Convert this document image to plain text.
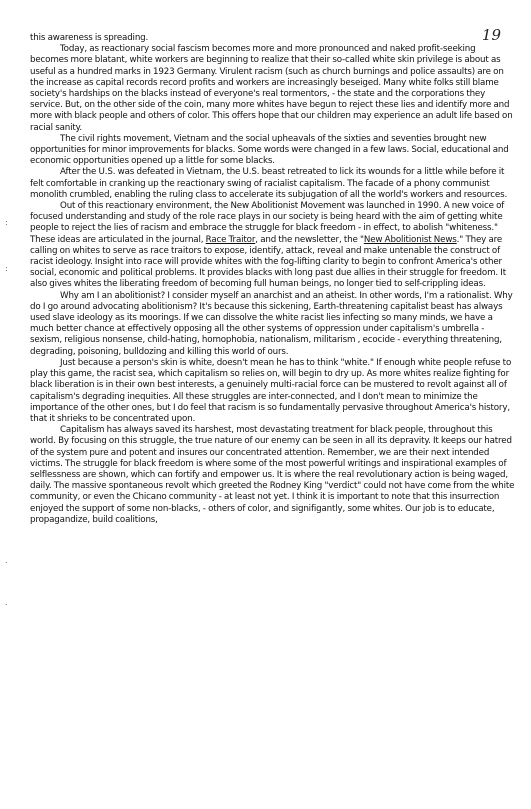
19
:
:
.
.

this awareness is spreading.

Today, as reactionary social fascism becomes more and more pronounced and naked profit-seeking becomes more blatant, white workers are beginning to realize that their so-called white skin privilege is about as useful as a hundred marks in 1923 Germany. Virulent racism (such as church burnings and police assaults) are on the increase as capital records record profits and workers are increasingly beseiged. Many white folks still blame society's hardships on the blacks instead of everyone's real tormentors, - the state and the corporations they service. But, on the other side of the coin, many more whites have begun to reject these lies and identify more and more with black people and others of color. This offers hope that our children may experience an adult life based on racial sanity.

The civil rights movement, Vietnam and the social upheavals of the sixties and seventies brought new opportunities for minor improvements for blacks. Some words were changed in a few laws. Social, educational and economic opportunities opened up a little for some blacks.

After the U.S. was defeated in Vietnam, the U.S. beast retreated to lick its wounds for a little while before it felt comfortable in cranking up the reactionary swing of racialist capitalism. The facade of a phony communist monolith crumbled, enabling the ruling class to accelerate its subjugation of all the world's workers and resources.

Out of this reactionary environment, the New Abolitionist Movement was launched in 1990. A new voice of focused understanding and study of the role race plays in our society is being heard with the aim of getting white people to reject the lies of racism and embrace the struggle for black freedom - in effect, to abolish "whiteness." These ideas are articulated in the journal, Race Traitor, and the newsletter, the "New Abolitionist News." They are calling on whites to serve as race traitors to expose, identify, attack, reveal and make untenable the construct of racist ideology. Insight into race will provide whites with the fog-lifting clarity to begin to confront America's other social, economic and political problems. It provides blacks with long past due allies in their struggle for freedom. It also gives whites the liberating freedom of becoming full human beings, no longer tied to self-crippling ideas.

Why am I an abolitionist? I consider myself an anarchist and an atheist. In other words, I'm a rationalist. Why do I go around advocating abolitionism? It's because this sickening, Earth-threatening capitalist beast has always used slave ideology as its moorings. If we can dissolve the white racist lies infecting so many minds, we have a much better chance at effectively opposing all the other systems of oppression under capitalism's umbrella - sexism, religious nonsense, child-hating, homophobia, nationalism, militarism , ecocide - everything threatening, degrading, poisoning, bulldozing and killing this world of ours.

Just because a person's skin is white, doesn't mean he has to think "white." If enough white people refuse to play this game, the racist sea, which capitalism so relies on, will begin to dry up. As more whites realize fighting for black liberation is in their own best interests, a genuinely multi-racial force can be mustered to revolt against all of capitalism's degrading inequities. All these struggles are inter-connected, and I don't mean to minimize the importance of the other ones, but I do feel that racism is so fundamentally pervasive throughout America's history, that it shrieks to be concentrated upon.

Capitalism has always saved its harshest, most devastating treatment for black people, throughout this world. By focusing on this struggle, the true nature of our enemy can be seen in all its depravity. It keeps our hatred of the system pure and potent and insures our concentrated attention. Remember, we are their next intended victims. The struggle for black freedom is where some of the most powerful writings and inspirational examples of selflessness are shown, which can fortify and empower us. It is where the real revolutionary action is being waged, daily. The massive spontaneous revolt which greeted the Rodney King "verdict" could not have come from the white community, or even the Chicano community - at least not yet. I think it is important to note that this insurrection enjoyed the support of some non-blacks, - others of color, and signifigantly, some whites. Our job is to educate, propagandize, build coalitions,
